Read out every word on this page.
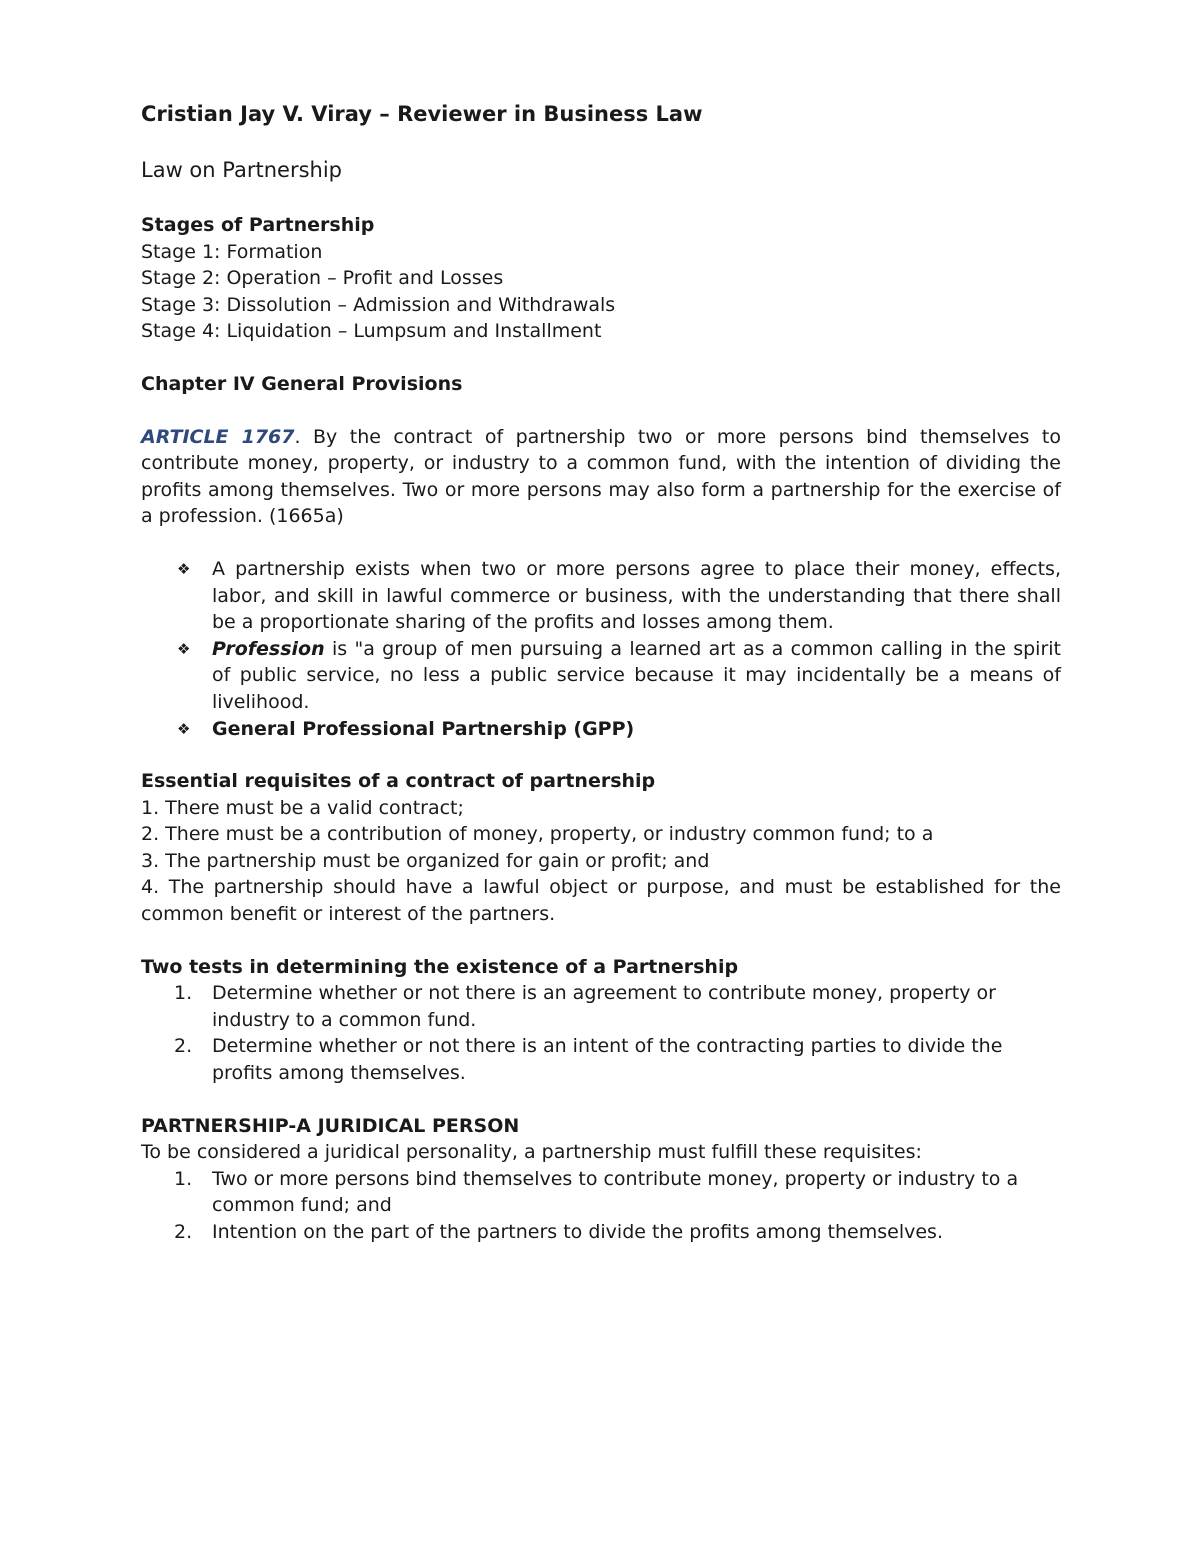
Cristian Jay V. Viray – Reviewer in Business Law

Law on Partnership

Stages of Partnership

Stage 1: Formation

Stage 2: Operation – Profit and Losses

Stage 3: Dissolution – Admission and Withdrawals

Stage 4: Liquidation – Lumpsum and Installment

Chapter IV General Provisions

ARTICLE 1767. By the contract of partnership two or more persons bind themselves to contribute money, property, or industry to a common fund, with the intention of dividing the profits among themselves. Two or more persons may also form a partnership for the exercise of a profession. (1665a)

❖ A partnership exists when two or more persons agree to place their money, effects, labor, and skill in lawful commerce or business, with the understanding that there shall be a proportionate sharing of the profits and losses among them.
❖ Profession is "a group of men pursuing a learned art as a common calling in the spirit of public service, no less a public service because it may incidentally be a means of livelihood.
❖ General Professional Partnership (GPP)

Essential requisites of a contract of partnership

1. There must be a valid contract;

2. There must be a contribution of money, property, or industry common fund; to a

3. The partnership must be organized for gain or profit; and

4. The partnership should have a lawful object or purpose, and must be established for the common benefit or interest of the partners.

Two tests in determining the existence of a Partnership

1. Determine whether or not there is an agreement to contribute money, property or industry to a common fund.
2. Determine whether or not there is an intent of the contracting parties to divide the profits among themselves.

PARTNERSHIP-A JURIDICAL PERSON

To be considered a juridical personality, a partnership must fulfill these requisites:

1. Two or more persons bind themselves to contribute money, property or industry to a common fund; and
2. Intention on the part of the partners to divide the profits among themselves.
